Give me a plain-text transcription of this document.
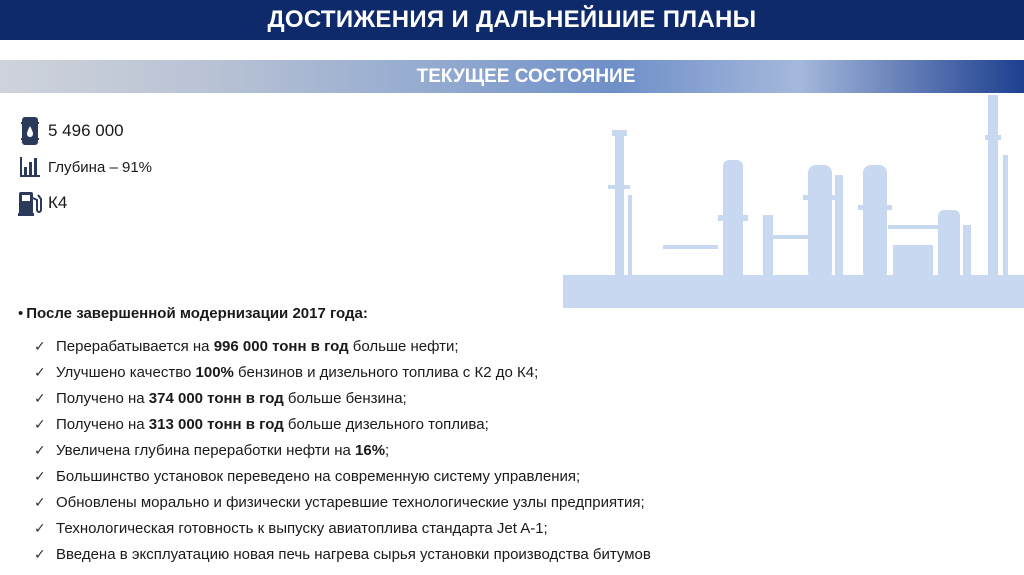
ДОСТИЖЕНИЯ И ДАЛЬНЕЙШИЕ ПЛАНЫ
ТЕКУЩЕЕ СОСТОЯНИЕ
5 496 000
Глубина – 91%
К4
• После завершенной модернизации 2017 года:
✓ Перерабатывается на 996 000 тонн в год больше нефти;
✓ Улучшено качество 100% бензинов и дизельного топлива с К2 до К4;
✓ Получено на 374 000 тонн в год больше бензина;
✓ Получено на 313 000 тонн в год больше дизельного топлива;
✓ Увеличена глубина переработки нефти на 16%;
✓ Большинство установок переведено на современную систему управления;
✓ Обновлены морально и физически устаревшие технологические узлы предприятия;
✓ Технологическая готовность к выпуску авиатоплива стандарта Jet A-1;
✓ Введена в эксплуатацию новая печь нагрева сырья установки производства битумов
